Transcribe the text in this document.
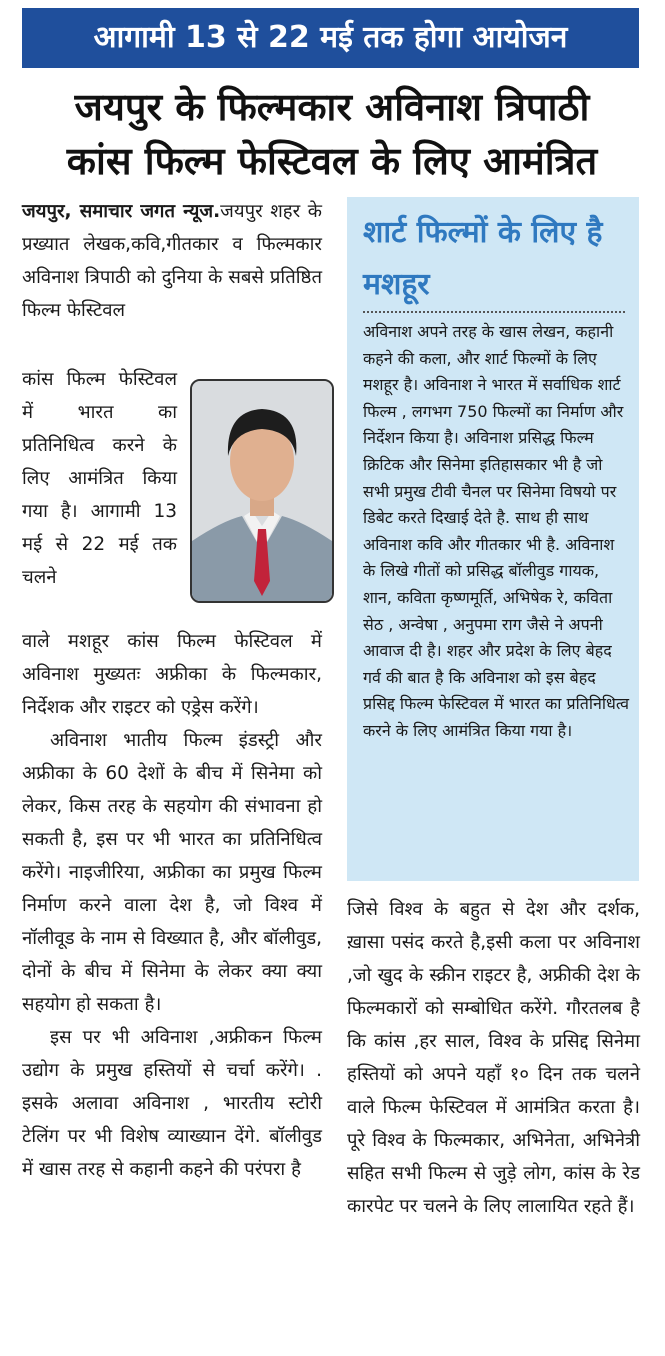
आगामी 13 से 22 मई तक होगा आयोजन
जयपुर के फिल्मकार अविनाश त्रिपाठी
कांस फिल्म फेस्टिवल के लिए आमंत्रित

जयपुर, समाचार जगत न्यूज.जयपुर शहर के प्रख्यात लेखक,कवि,गीतकार व फिल्मकार अविनाश त्रिपाठी को दुनिया के सबसे प्रतिष्ठित फिल्म फेस्टिवल

कांस फिल्म फेस्टिवल में भारत का प्रतिनिधित्व करने के लिए आमंत्रित किया गया है। आगामी 13 मई से 22 मई तक चलने

वाले मशहूर कांस फिल्म फेस्टिवल में अविनाश मुख्यतः अफ्रीका के फिल्मकार, निर्देशक और राइटर को एड्रेस करेंगे।

अविनाश भातीय फिल्म इंडस्ट्री और अफ्रीका के 60 देशों के बीच में सिनेमा को लेकर, किस तरह के सहयोग की संभावना हो सकती है, इस पर भी भारत का प्रतिनिधित्व करेंगे। नाइजीरिया, अफ्रीका का प्रमुख फिल्म निर्माण करने वाला देश है, जो विश्व में नॉलीवूड के नाम से विख्यात है, और बॉलीवुड, दोनों के बीच में सिनेमा के लेकर क्या क्या सहयोग हो सकता है।

इस पर भी अविनाश ,अफ्रीकन फिल्म उद्योग के प्रमुख हस्तियों से चर्चा करेंगे। . इसके अलावा अविनाश , भारतीय स्टोरी टेलिंग पर भी विशेष व्याख्यान देंगे. बॉलीवुड में खास तरह से कहानी कहने की परंपरा है

शार्ट फिल्मों के लिए है मशहूर
अविनाश अपने तरह के खास लेखन, कहानी कहने की कला, और शार्ट फिल्मों के लिए मशहूर है। अविनाश ने भारत में सर्वाधिक शार्ट फिल्म , लगभग 750 फिल्मों का निर्माण और निर्देशन किया है। अविनाश प्रसिद्ध फिल्म क्रिटिक और सिनेमा इतिहासकार भी है जो सभी प्रमुख टीवी चैनल पर सिनेमा विषयो पर डिबेट करते दिखाई देते है. साथ ही साथ अविनाश कवि और गीतकार भी है. अविनाश के लिखे गीतों को प्रसिद्ध बॉलीवुड गायक, शान, कविता कृष्णमूर्ति, अभिषेक रे, कविता सेठ , अन्वेषा , अनुपमा राग जैसे ने अपनी आवाज दी है। शहर और प्रदेश के लिए बेहद गर्व की बात है कि अविनाश को इस बेहद प्रसिद्द फिल्म फेस्टिवल में भारत का प्रतिनिधित्व करने के लिए आमंत्रित किया गया है।

जिसे विश्व के बहुत से देश और दर्शक, ख़ासा पसंद करते है,इसी कला पर अविनाश ,जो खुद के स्क्रीन राइटर है, अफ्रीकी देश के फिल्मकारों को सम्बोधित करेंगे. गौरतलब है कि कांस ,हर साल, विश्व के प्रसिद्द सिनेमा हस्तियों को अपने यहाँ १० दिन तक चलने वाले फिल्म फेस्टिवल में आमंत्रित करता है। पूरे विश्व के फिल्मकार, अभिनेता, अभिनेत्री सहित सभी फिल्म से जुड़े लोग, कांस के रेड कारपेट पर चलने के लिए लालायित रहते हैं।
